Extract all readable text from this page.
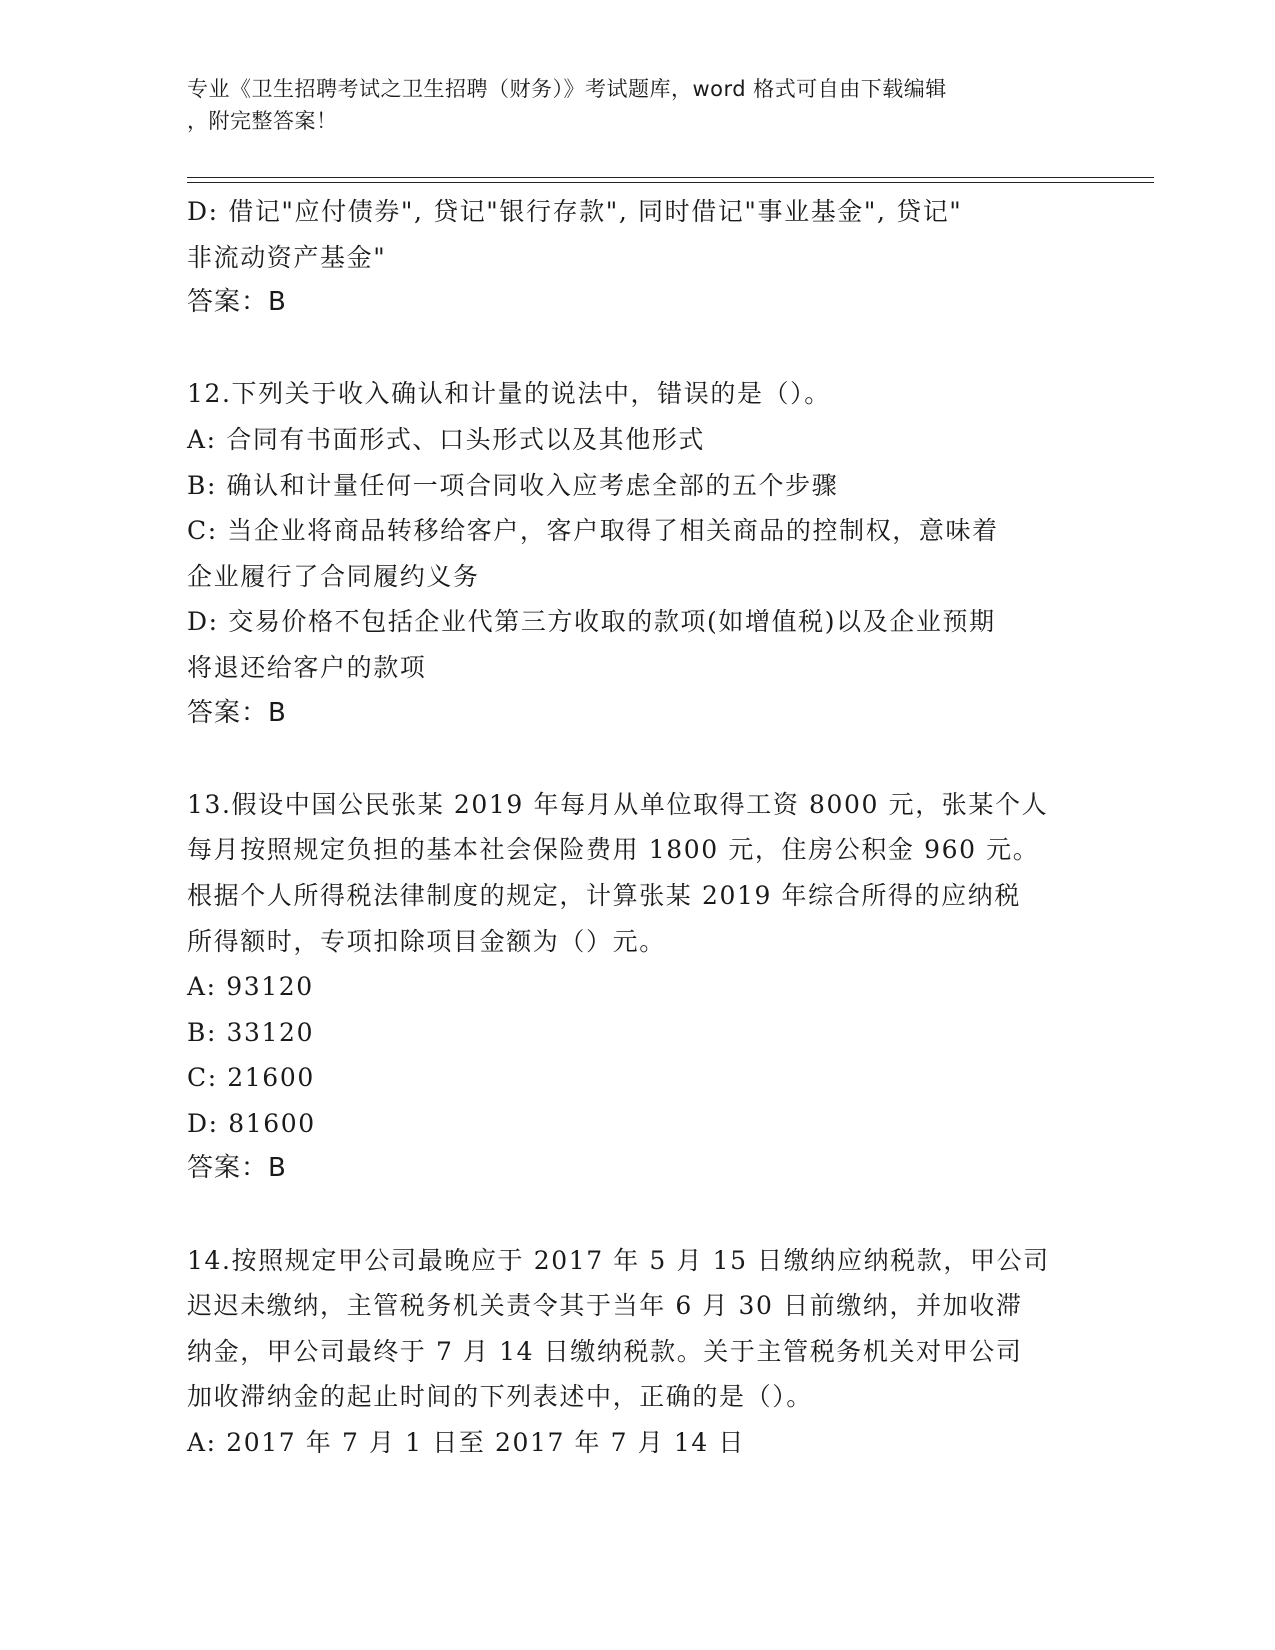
专业《卫生招聘考试之卫生招聘（财务）》考试题库，word 格式可自由下载编辑
，附完整答案！

D: 借记"应付债券", 贷记"银行存款", 同时借记"事业基金", 贷记"

非流动资产基金"

答案：B

12.下列关于收入确认和计量的说法中，错误的是（）。

A: 合同有书面形式、口头形式以及其他形式

B: 确认和计量任何一项合同收入应考虑全部的五个步骤

C: 当企业将商品转移给客户，客户取得了相关商品的控制权，意味着

企业履行了合同履约义务

D: 交易价格不包括企业代第三方收取的款项(如增值税)以及企业预期

将退还给客户的款项

答案：B

13.假设中国公民张某 2019 年每月从单位取得工资 8000 元，张某个人

每月按照规定负担的基本社会保险费用 1800 元，住房公积金 960 元。

根据个人所得税法律制度的规定，计算张某 2019 年综合所得的应纳税

所得额时，专项扣除项目金额为（）元。

A: 93120

B: 33120

C: 21600

D: 81600

答案：B

14.按照规定甲公司最晚应于 2017 年 5 月 15 日缴纳应纳税款，甲公司

迟迟未缴纳，主管税务机关责令其于当年 6 月 30 日前缴纳，并加收滞

纳金，甲公司最终于 7 月 14 日缴纳税款。关于主管税务机关对甲公司

加收滞纳金的起止时间的下列表述中，正确的是（）。

A: 2017 年 7 月 1 日至 2017 年 7 月 14 日
